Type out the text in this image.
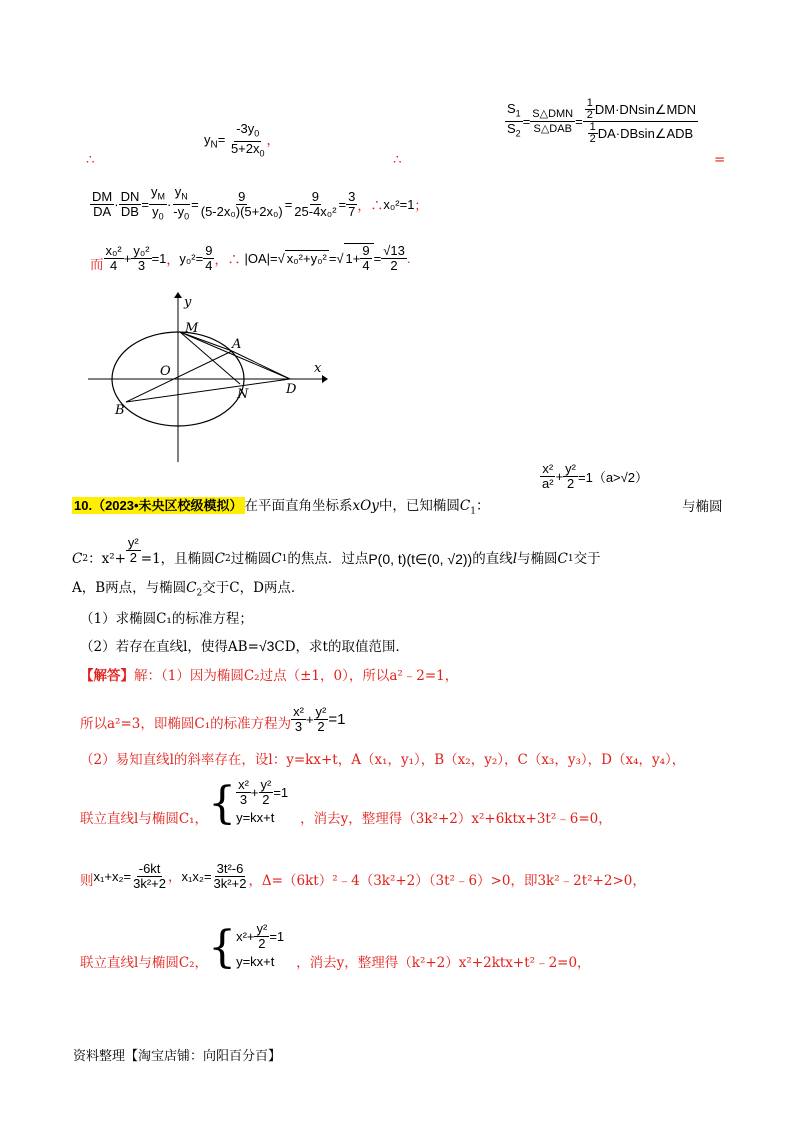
∴
$y_N= \frac{-3y_0}{5+2x_0}$ ，
∴
$\frac{S_1}{S_2} = \frac{\text{S△DMN}}{\text{S△DAB}} = \frac{\frac{1}{2} DM\cdot DNsin\angle MDN}{\frac{1}{2} DA\cdot DBsin\angle ADB}$
=
$\frac{DM}{DA} \cdot \frac{DN}{DB} = \frac{y_M}{y_0} \cdot \frac{y_N}{-y_0} = \frac{9}{\text{(5-2x₀)(5+2x₀)}} = \frac{9}{\text{25-4x₀²}} = \frac{3}{7}$ ，∴ x₀²=1 ；
而 $\frac{\text{x₀²}}{4} + \frac{\text{y₀²}}{3} =1$ ， $y_0^2= \frac{9}{4}$ ，∴ |OA|= √ x₀²+y₀² = √ $1+ \frac{9}{4} = \frac{√13}{2}$ .
y
x
M
A
O
D
B
N
10.（2023•未央区校级模拟） 在平面直角坐标系xOy中，已知椭圆$C_1$：
$\frac{\text{x²}}{\text{a²}} + \frac{\text{y²}}{2} =1(a>√2)$
与椭圆
C 2 ：$x^2+ \frac{\text{y²}}{2} =1$，且椭圆 C 2 过椭圆 C 1 的焦点．过点 P(0, t)(t∈(0, √2)) 的直线 l 与椭圆 C 1 交于
A，B两点，与椭圆$C_2$交于C，D两点．
（1）求椭圆C₁的标准方程；
（2）若存在直线l，使得AB=√3CD，求t的取值范围．
【解答】解：（1）因为椭圆C₂过点（±1，0），所以a²﹣2=1，
所以a²=3，即椭圆C₁的标准方程为 $\frac{\text{x²}}{3} + \frac{\text{y²}}{2} =1$
（2）易知直线l的斜率存在，设l：y=kx+t，A（x₁，y₁），B（x₂，y₂），C（x₃，y₃），D（x₄，y₄），
联立直线l与椭圆C₁， { $\frac{\text{x²}}{3} + \frac{\text{y²}}{2} =1$
y=kx+t	，消去y，整理得（3k²+2）x²+6ktx+3t²﹣6=0，
则 $x_1+x_2= \frac{-6kt}{\text{3k²+2}}$ ， $x_1x_2= \frac{\text{3t²-6}}{\text{3k²+2}}$ ，Δ=（6kt）²﹣4（3k²+2）（3t²﹣6）>0，即3k²﹣2t²+2>0，
联立直线l与椭圆C₂， { $x^2+ \frac{\text{y²}}{2} =1$
y=kx+t	，消去y，整理得（k²+2）x²+2ktx+t²﹣2=0，
资料整理【淘宝店铺：向阳百分百】
